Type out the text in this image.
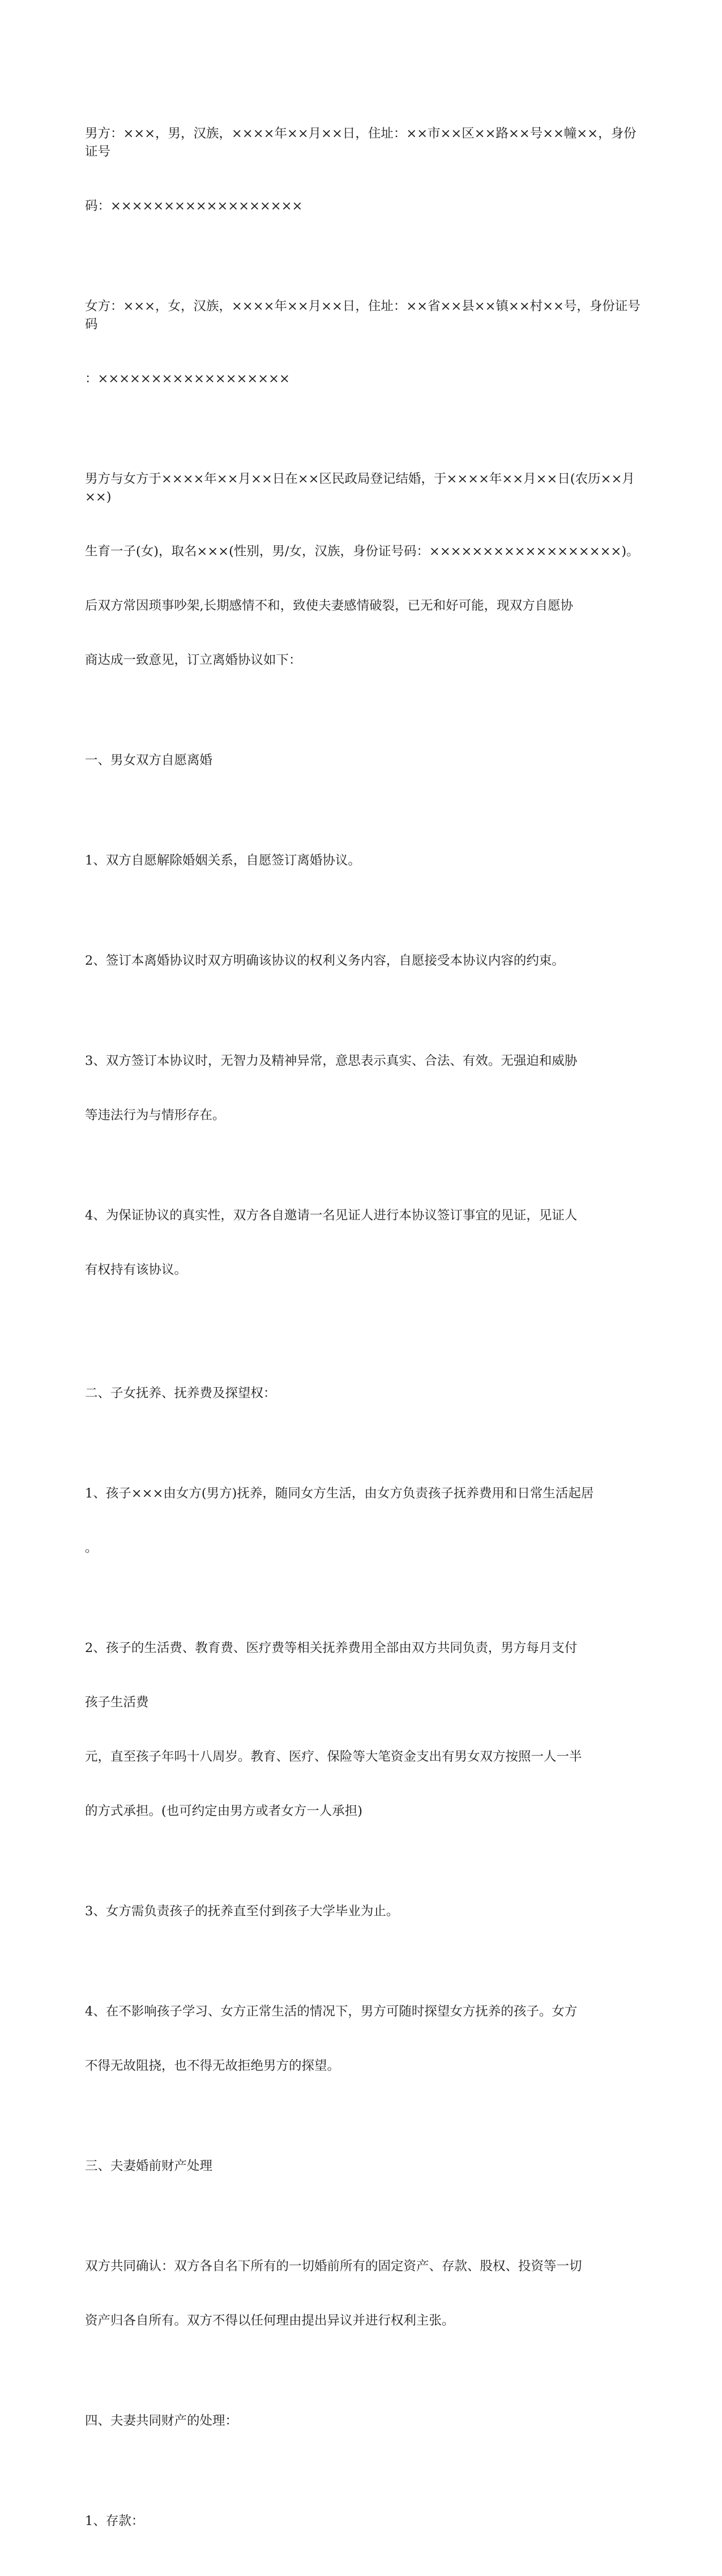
男方：×××，男，汉族，××××年××月××日，住址：××市××区××路××号××幢××，身份证号

码：××××××××××××××××××

女方：×××，女，汉族，××××年××月××日，住址：××省××县××镇××村××号，身份证号码

：××××××××××××××××××

男方与女方于××××年××月××日在××区民政局登记结婚，于××××年××月××日(农历××月××)

生育一子(女)，取名×××(性别，男/女，汉族，身份证号码：××××××××××××××××××)。

后双方常因琐事吵架,长期感情不和，致使夫妻感情破裂，已无和好可能，现双方自愿协

商达成一致意见，订立离婚协议如下：

一、男女双方自愿离婚

1、双方自愿解除婚姻关系，自愿签订离婚协议。

2、签订本离婚协议时双方明确该协议的权利义务内容，自愿接受本协议内容的约束。

3、双方签订本协议时，无智力及精神异常，意思表示真实、合法、有效。无强迫和威胁

等违法行为与情形存在。

4、为保证协议的真实性，双方各自邀请一名见证人进行本协议签订事宜的见证，见证人

有权持有该协议。

二、子女抚养、抚养费及探望权：

1、孩子×××由女方(男方)抚养，随同女方生活，由女方负责孩子抚养费用和日常生活起居

。

2、孩子的生活费、教育费、医疗费等相关抚养费用全部由双方共同负责，男方每月支付

孩子生活费

元，直至孩子年吗十八周岁。教育、医疗、保险等大笔资金支出有男女双方按照一人一半

的方式承担。(也可约定由男方或者女方一人承担)

3、女方需负责孩子的抚养直至付到孩子大学毕业为止。

4、在不影响孩子学习、女方正常生活的情况下，男方可随时探望女方抚养的孩子。女方

不得无故阻挠，也不得无故拒绝男方的探望。

三、夫妻婚前财产处理

双方共同确认：双方各自名下所有的一切婚前所有的固定资产、存款、股权、投资等一切

资产归各自所有。双方不得以任何理由提出异议并进行权利主张。

四、夫妻共同财产的处理：

1、存款：
